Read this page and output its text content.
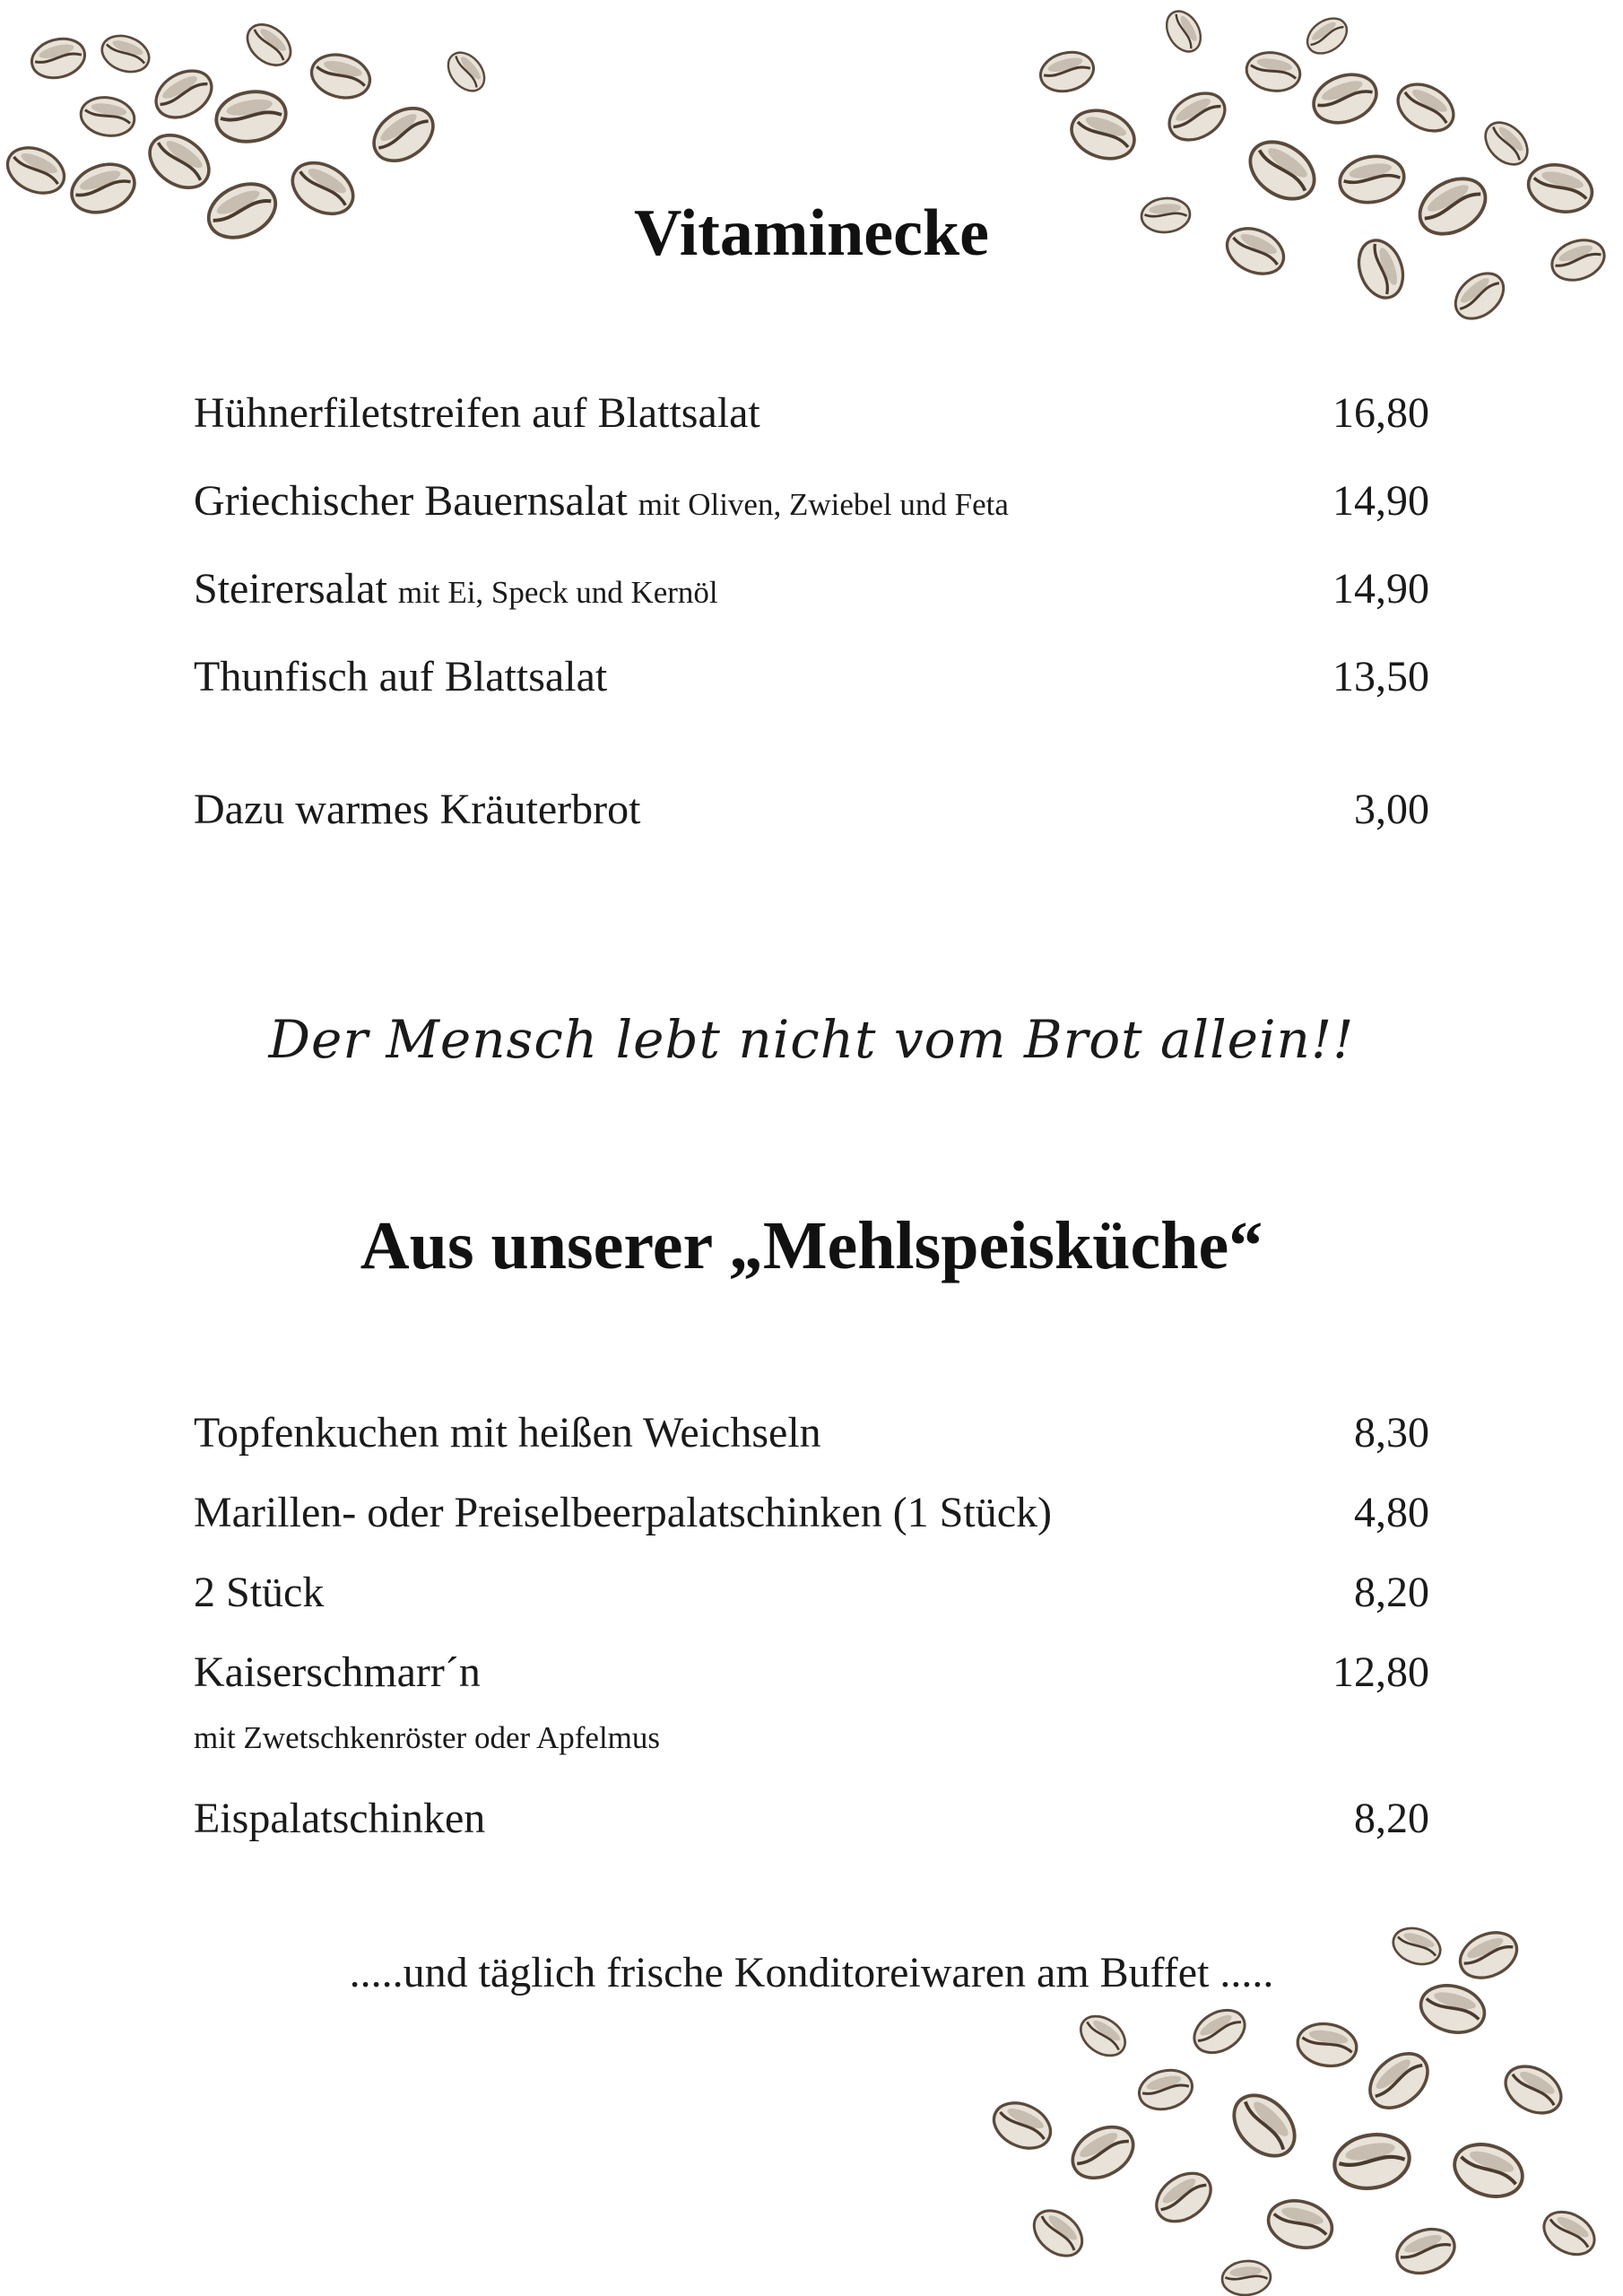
Vitaminecke
Hühnerfiletstreifen auf Blattsalat	16,80
Griechischer Bauernsalat mit Oliven, Zwiebel und Feta	14,90
Steirersalat mit Ei, Speck und Kernöl	14,90
Thunfisch auf Blattsalat	13,50
Dazu warmes Kräuterbrot	3,00
Der Mensch lebt nicht vom Brot allein!!
Aus unserer „Mehlspeisküche“
Topfenkuchen mit heißen Weichseln	8,30
Marillen- oder Preiselbeerpalatschinken (1 Stück)	4,80
2 Stück	8,20
Kaiserschmarr´n	12,80
mit Zwetschkenröster oder Apfelmus
Eispalatschinken	8,20
.....und täglich frische Konditoreiwaren am Buffet .....
